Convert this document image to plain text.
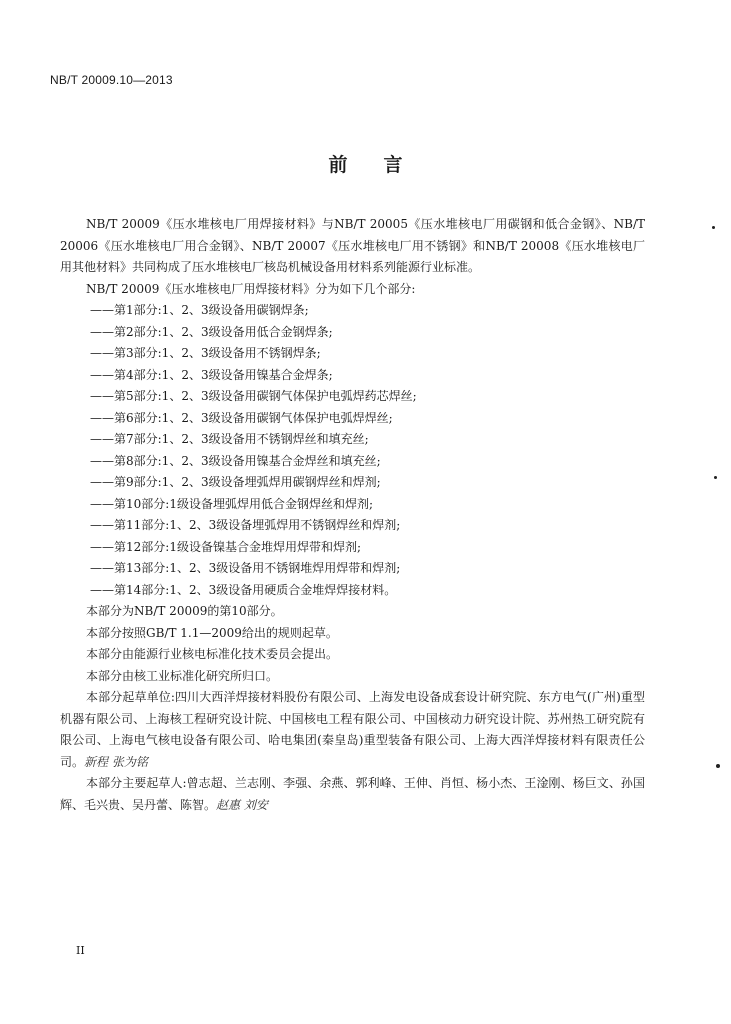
NB/T 20009.10—2013
前言

NB/T 20009《压水堆核电厂用焊接材料》与NB/T 20005《压水堆核电厂用碳钢和低合金钢》、NB/T 20006《压水堆核电厂用合金钢》、NB/T 20007《压水堆核电厂用不锈钢》和NB/T 20008《压水堆核电厂用其他材料》共同构成了压水堆核电厂核岛机械设备用材料系列能源行业标准。

NB/T 20009《压水堆核电厂用焊接材料》分为如下几个部分:

——第1部分:1、2、3级设备用碳钢焊条;

——第2部分:1、2、3级设备用低合金钢焊条;

——第3部分:1、2、3级设备用不锈钢焊条;

——第4部分:1、2、3级设备用镍基合金焊条;

——第5部分:1、2、3级设备用碳钢气体保护电弧焊药芯焊丝;

——第6部分:1、2、3级设备用碳钢气体保护电弧焊焊丝;

——第7部分:1、2、3级设备用不锈钢焊丝和填充丝;

——第8部分:1、2、3级设备用镍基合金焊丝和填充丝;

——第9部分:1、2、3级设备埋弧焊用碳钢焊丝和焊剂;

——第10部分:1级设备埋弧焊用低合金钢焊丝和焊剂;

——第11部分:1、2、3级设备埋弧焊用不锈钢焊丝和焊剂;

——第12部分:1级设备镍基合金堆焊用焊带和焊剂;

——第13部分:1、2、3级设备用不锈钢堆焊用焊带和焊剂;

——第14部分:1、2、3级设备用硬质合金堆焊焊接材料。

本部分为NB/T 20009的第10部分。

本部分按照GB/T 1.1—2009给出的规则起草。

本部分由能源行业核电标准化技术委员会提出。

本部分由核工业标准化研究所归口。

本部分起草单位:四川大西洋焊接材料股份有限公司、上海发电设备成套设计研究院、东方电气(广州)重型机器有限公司、上海核工程研究设计院、中国核电工程有限公司、中国核动力研究设计院、苏州热工研究院有限公司、上海电气核电设备有限公司、哈电集团(秦皇岛)重型装备有限公司、上海大西洋焊接材料有限责任公司。新程 张为铭

本部分主要起草人:曾志超、兰志刚、李强、余燕、郭利峰、王伸、肖恒、杨小杰、王淦刚、杨巨文、孙国辉、毛兴贵、吴丹蕾、陈智。赵惠 刘安

II
